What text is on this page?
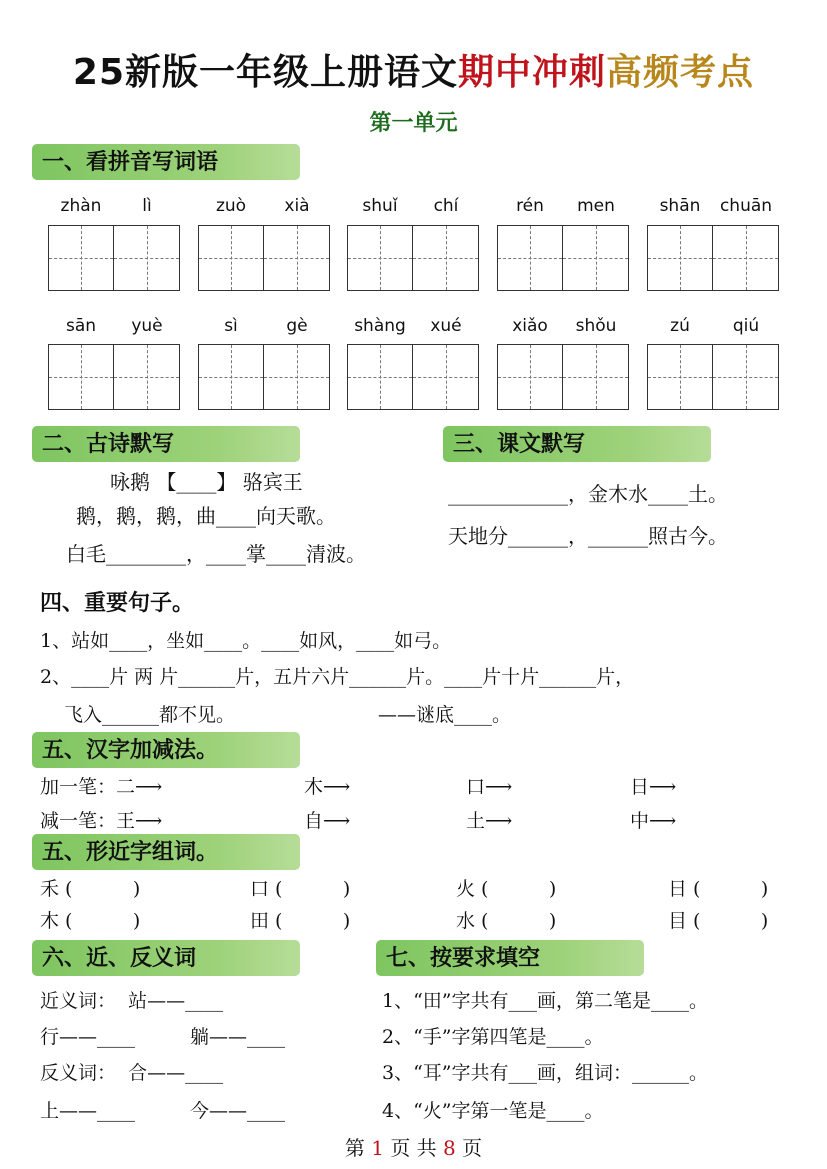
25新版一年级上册语文期中冲刺高频考点
第一单元
一、看拼音写词语
zhàn	lì	zuò	xià	shuǐ	chí	rén	men	shān	chuān
sān	yuè	sì	gè	shàng	xué	xiǎo	shǒu	zú	qiú
二、古诗默写
咏鹅 【____】 骆宾王
鹅，鹅，鹅，曲____向天歌。
白毛________，____掌____清波。
三、课文默写
____________，金木水____土。
天地分______，______照古今。
四、重要句子。
1、站如____，坐如____。____如风，____如弓。
2、____片 两 片______片，五片六片______片。____片十片______片，
飞入______都不见。	——谜底____。
五、汉字加减法。
加一笔：二⟶	木⟶	口⟶	日⟶
减一笔：王⟶	自⟶	土⟶	中⟶
五、形近字组词。
禾 (          )	口 (          )	火 (          )	日 (          )
木 (          )	田 (          )	水 (          )	目 (          )
六、近、反义词
近义词：  站——____
行——____	躺——____
反义词：  合——____
上——____	今——____
七、按要求填空
1、“田”字共有___画，第二笔是____。
2、“手”字第四笔是____。
3、“耳”字共有___画，组词：______。
4、“火”字第一笔是____。
第 1 页 共 8 页
